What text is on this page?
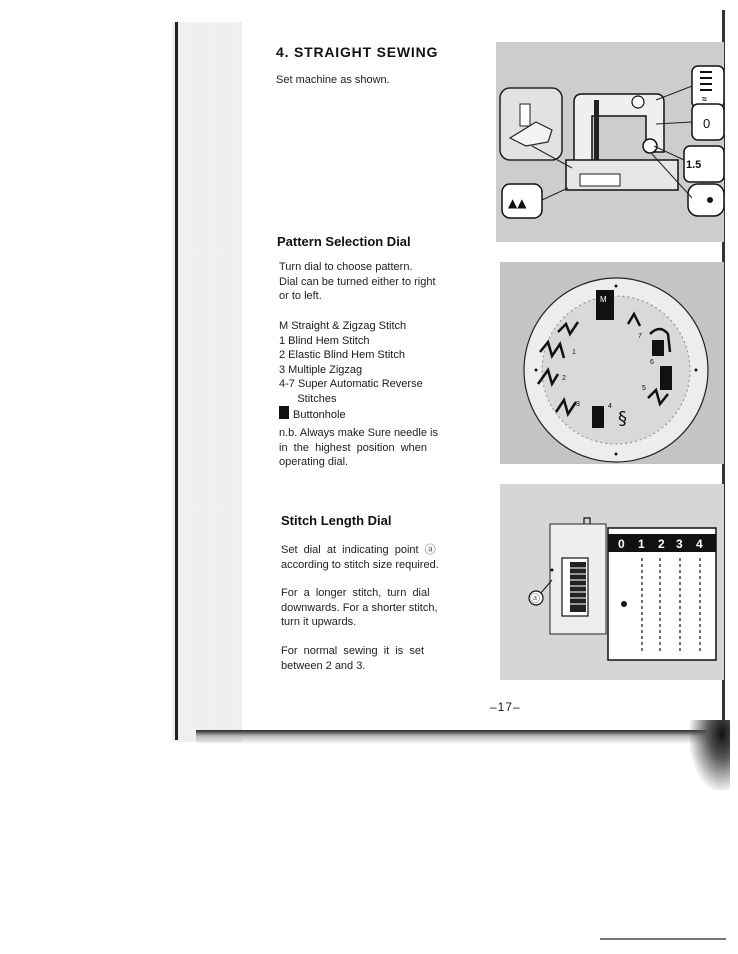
4. STRAIGHT SEWING
Set machine as shown.
Pattern Selection Dial
Turn dial to choose pattern.
Dial can be turned either to right
or to left.
M Straight & Zigzag Stitch
1 Blind Hem Stitch
2 Elastic Blind Hem Stitch
3 Multiple Zigzag
4-7 Super Automatic Reverse
Stitches
Buttonhole
n.b. Always make Sure needle is
in  the  highest  position  when
operating dial.
Stitch Length Dial
Set  dial  at  indicating  point  ⓐ
according to stitch size required.
For  a  longer  stitch,  turn  dial
downwards. For a shorter stitch,
turn it upwards.
For  normal  sewing  it  is  set
between 2 and 3.
≈
0
1.5
▲▲
M
§
1
2
3	4
5
6
7
ⓐ
0 1 2 3 4
–17–
